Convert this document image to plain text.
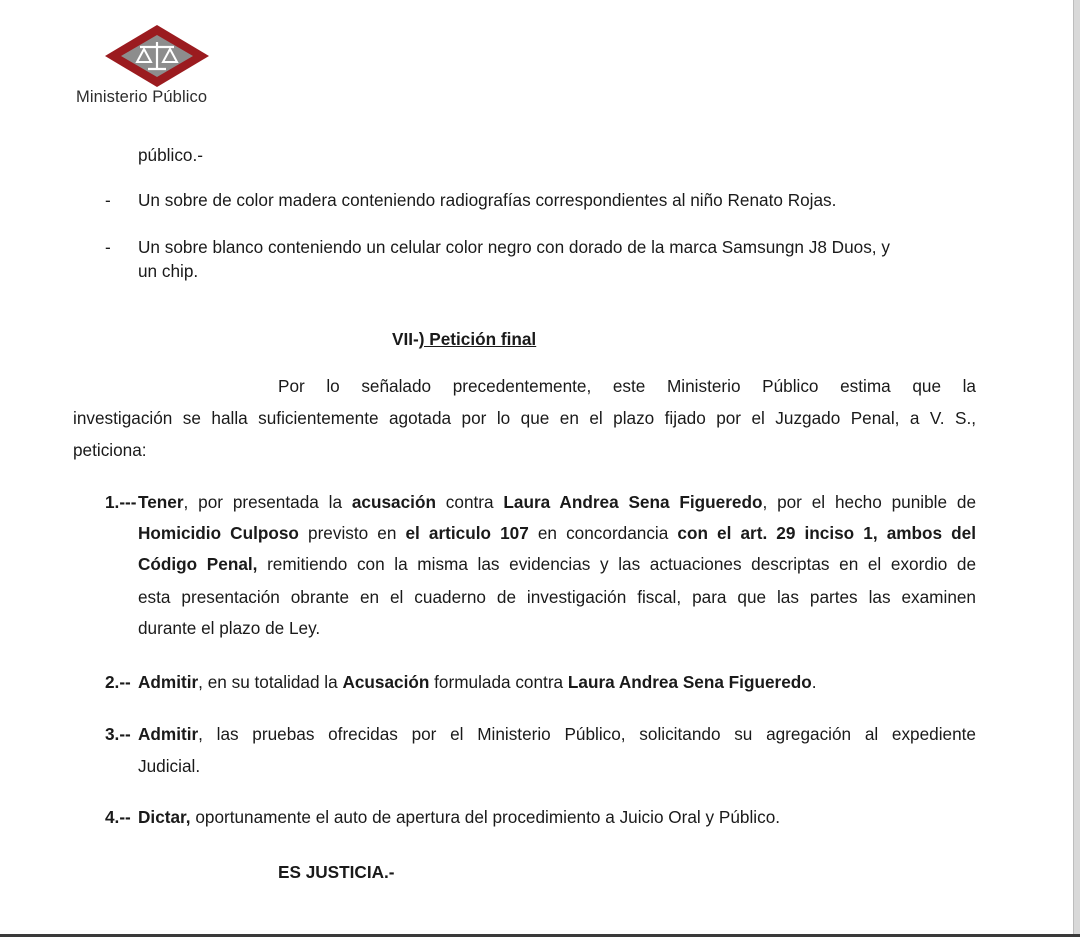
Ministerio Público
público.-
- Un sobre de color madera conteniendo radiografías correspondientes al niño Renato Rojas.
- Un sobre blanco conteniendo un celular color negro con dorado de la marca Samsungn J8 Duos, y
un chip.
VII-) Petición final
Por lo señalado precedentemente, este Ministerio Público estima que la
investigación se halla suficientemente agotada por lo que en el plazo fijado por el Juzgado Penal, a V. S.,
peticiona:
1.--- Tener, por presentada la acusación contra Laura Andrea Sena Figueredo, por el hecho punible de
Homicidio Culposo previsto en el articulo 107 en concordancia con el art. 29 inciso 1, ambos del
Código Penal, remitiendo con la misma las evidencias y las actuaciones descriptas en el exordio de
esta presentación obrante en el cuaderno de investigación fiscal, para que las partes las examinen
durante el plazo de Ley.
2.-- Admitir, en su totalidad la Acusación formulada contra Laura Andrea Sena Figueredo.
3.-- Admitir, las pruebas ofrecidas por el Ministerio Público, solicitando su agregación al expediente
Judicial.
4.-- Dictar, oportunamente el auto de apertura del procedimiento a Juicio Oral y Público.
ES JUSTICIA.-
